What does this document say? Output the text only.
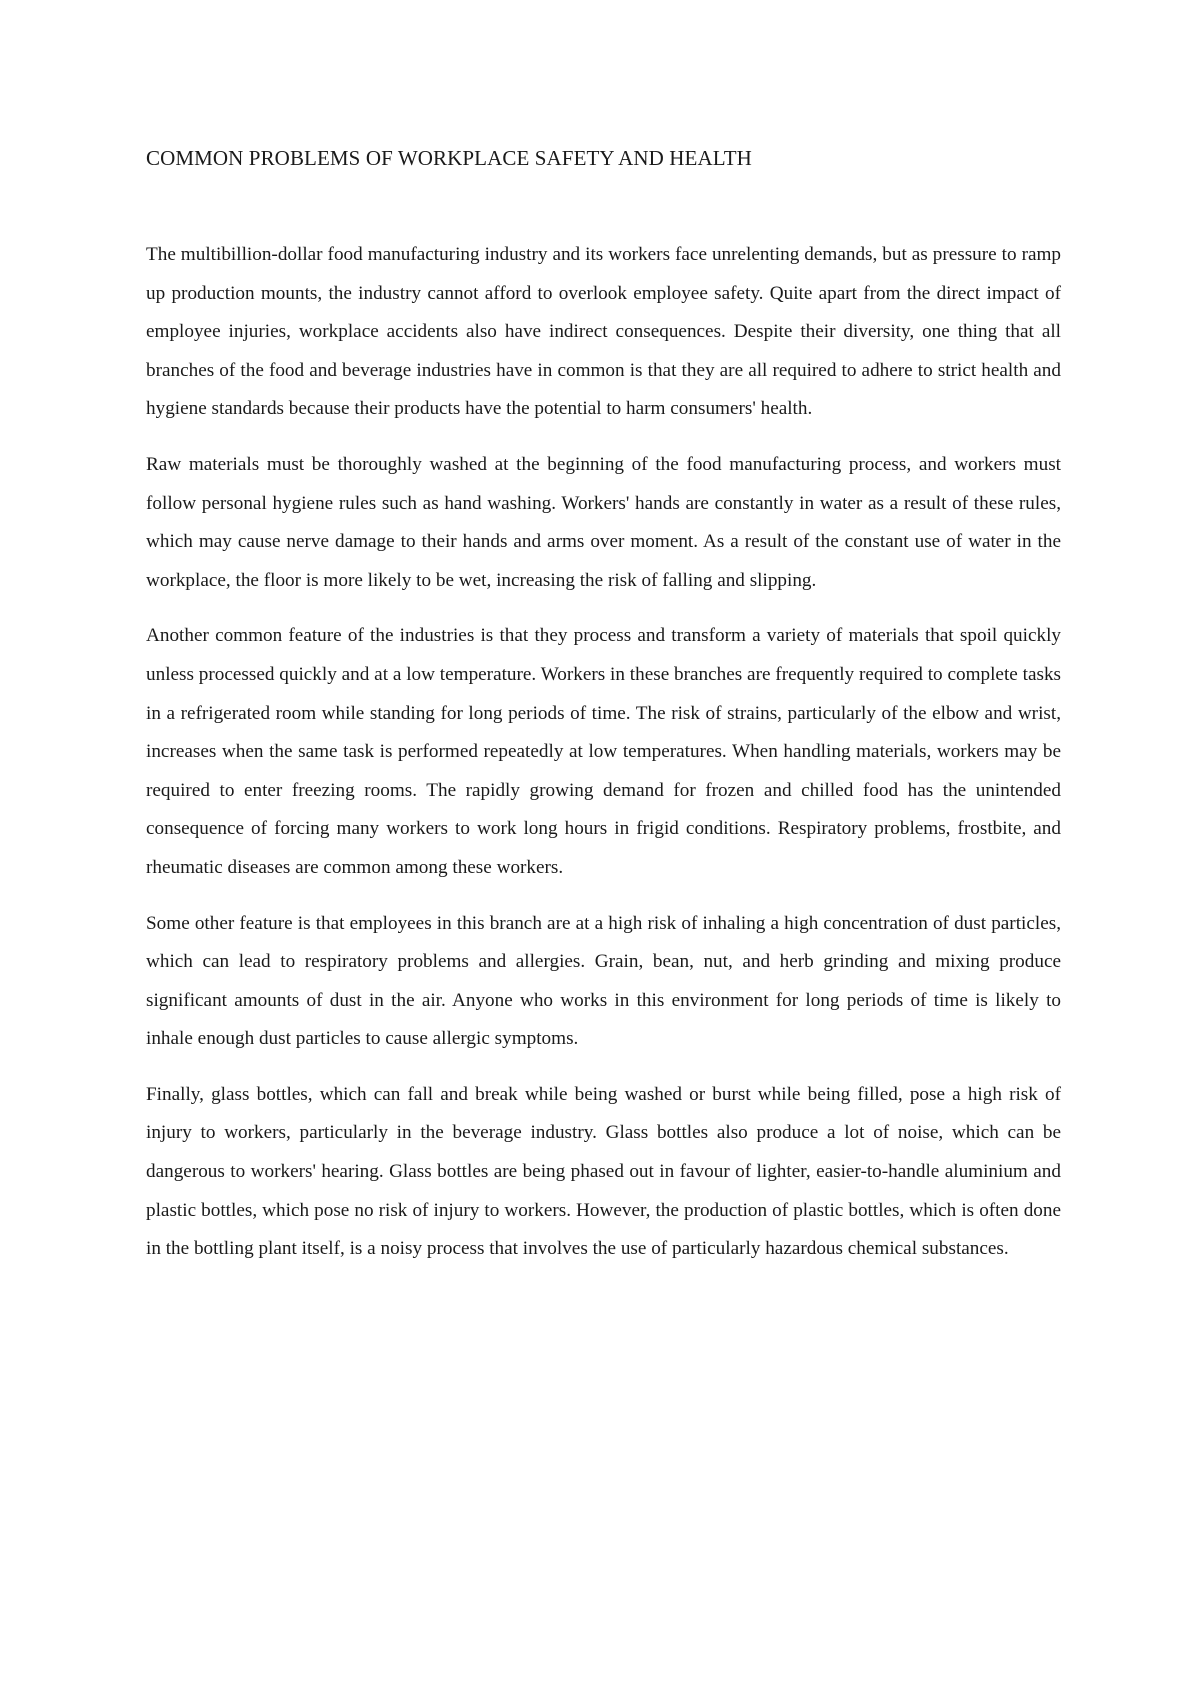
COMMON PROBLEMS OF WORKPLACE SAFETY AND HEALTH

The multibillion-dollar food manufacturing industry and its workers face unrelenting demands, but as pressure to ramp up production mounts, the industry cannot afford to overlook employee safety. Quite apart from the direct impact of employee injuries, workplace accidents also have indirect consequences. Despite their diversity, one thing that all branches of the food and beverage industries have in common is that they are all required to adhere to strict health and hygiene standards because their products have the potential to harm consumers' health.

Raw materials must be thoroughly washed at the beginning of the food manufacturing process, and workers must follow personal hygiene rules such as hand washing. Workers' hands are constantly in water as a result of these rules, which may cause nerve damage to their hands and arms over moment. As a result of the constant use of water in the workplace, the floor is more likely to be wet, increasing the risk of falling and slipping.

Another common feature of the industries is that they process and transform a variety of materials that spoil quickly unless processed quickly and at a low temperature. Workers in these branches are frequently required to complete tasks in a refrigerated room while standing for long periods of time. The risk of strains, particularly of the elbow and wrist, increases when the same task is performed repeatedly at low temperatures. When handling materials, workers may be required to enter freezing rooms. The rapidly growing demand for frozen and chilled food has the unintended consequence of forcing many workers to work long hours in frigid conditions. Respiratory problems, frostbite, and rheumatic diseases are common among these workers.

Some other feature is that employees in this branch are at a high risk of inhaling a high concentration of dust particles, which can lead to respiratory problems and allergies. Grain, bean, nut, and herb grinding and mixing produce significant amounts of dust in the air. Anyone who works in this environment for long periods of time is likely to inhale enough dust particles to cause allergic symptoms.

Finally, glass bottles, which can fall and break while being washed or burst while being filled, pose a high risk of injury to workers, particularly in the beverage industry. Glass bottles also produce a lot of noise, which can be dangerous to workers' hearing. Glass bottles are being phased out in favour of lighter, easier-to-handle aluminium and plastic bottles, which pose no risk of injury to workers. However, the production of plastic bottles, which is often done in the bottling plant itself, is a noisy process that involves the use of particularly hazardous chemical substances.
